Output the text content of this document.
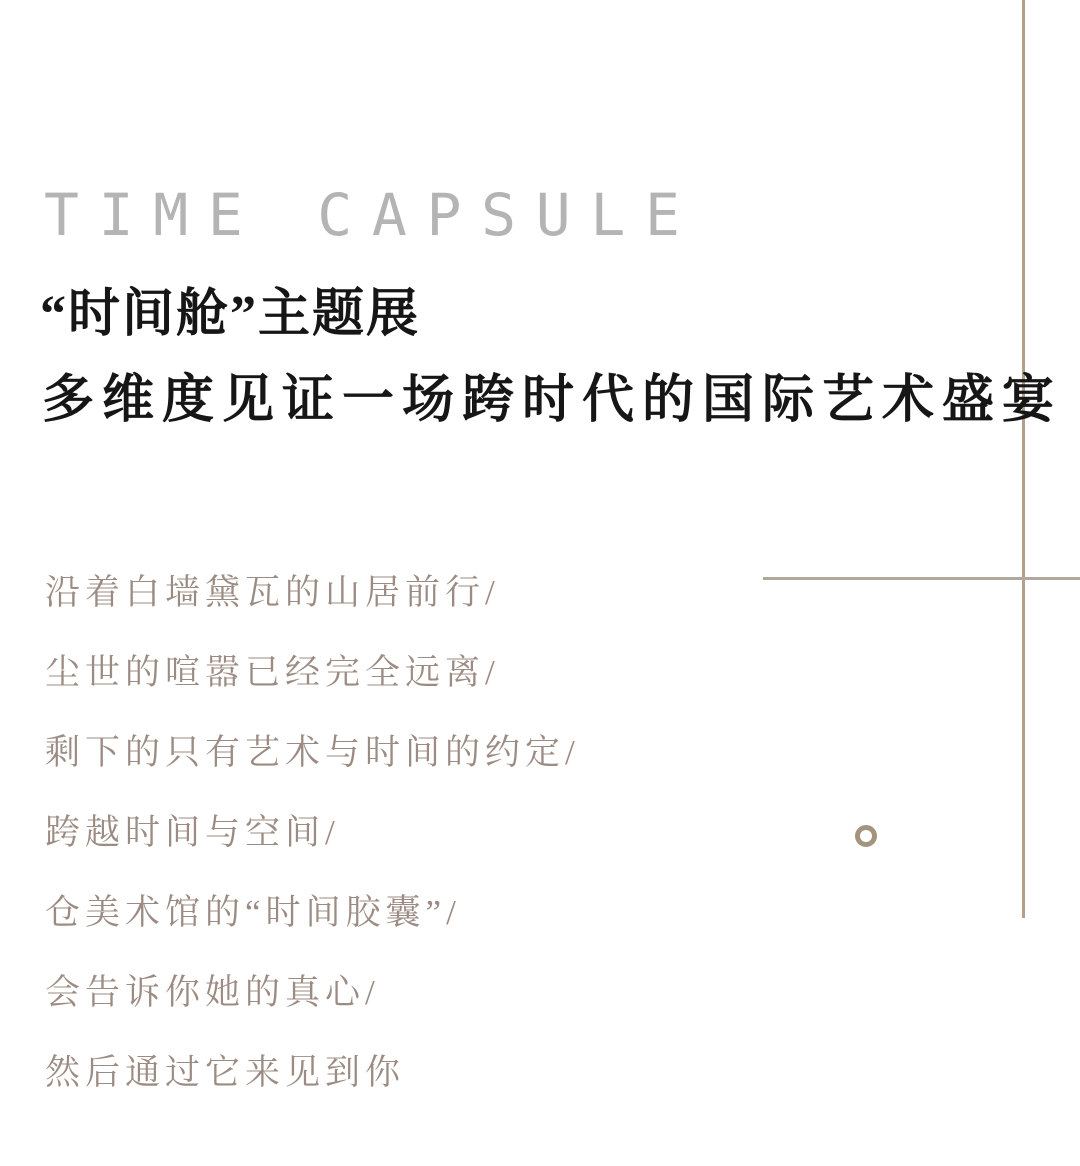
TIME CAPSULE
“时间舱”主题展
多维度见证一场跨时代的国际艺术盛宴
沿着白墙黛瓦的山居前行/
尘世的喧嚣已经完全远离/
剩下的只有艺术与时间的约定/
跨越时间与空间/
仓美术馆的“时间胶囊”/
会告诉你她的真心/
然后通过它来见到你
